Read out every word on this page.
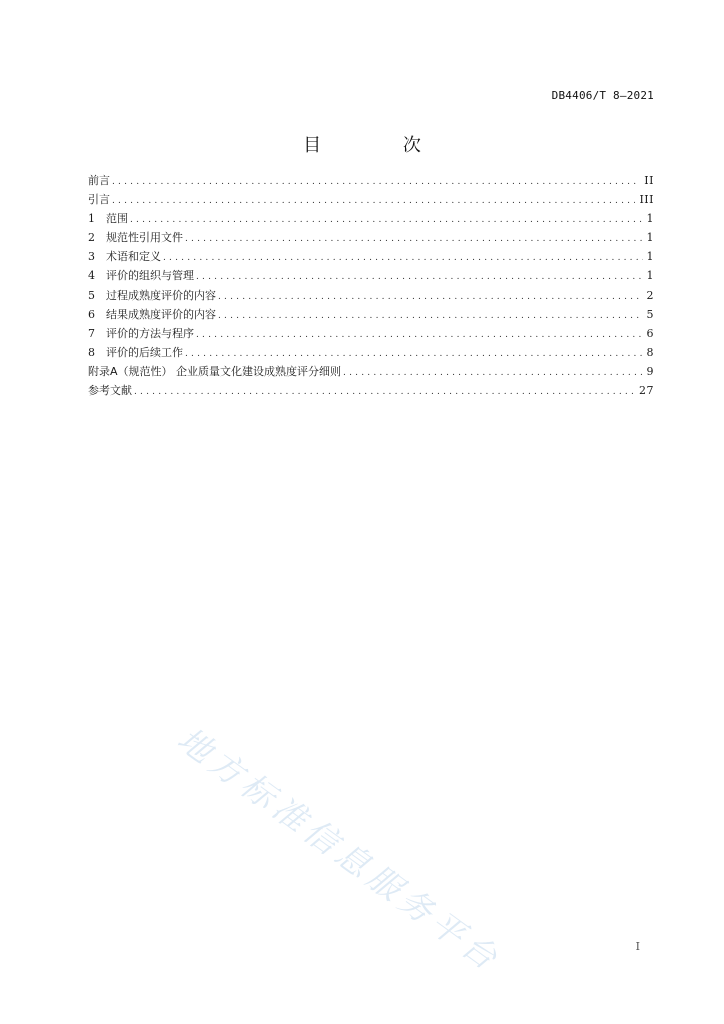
DB4406/T 8—2021
目 次
前言 .....	II
引言 .....	III
1	范围 .....	1
2	规范性引用文件 .....	1
3	术语和定义 .....	1
4	评价的组织与管理 .....	1
5	过程成熟度评价的内容 .....	2
6	结果成熟度评价的内容 .....	5
7	评价的方法与程序 .....	6
8	评价的后续工作 .....	8
附录A（规范性） 企业质量文化建设成熟度评分细则 .....	9
参考文献 .....	27
地方标准信息服务平台	I
